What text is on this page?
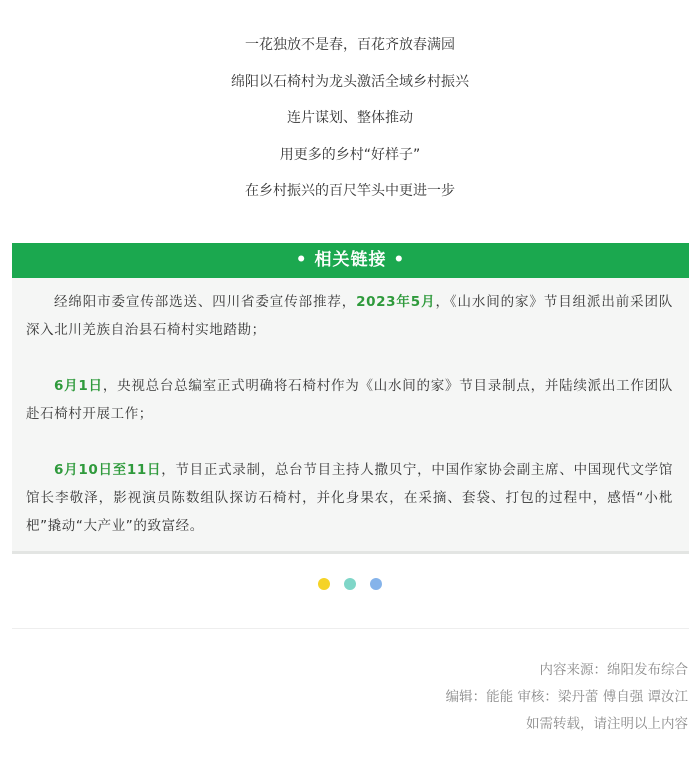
一花独放不是春，百花齐放春满园
绵阳以石椅村为龙头激活全域乡村振兴
连片谋划、整体推动
用更多的乡村“好样子”
在乡村振兴的百尺竿头中更进一步
• 相关链接 •

经绵阳市委宣传部选送、四川省委宣传部推荐，2023年5月，《山水间的家》节目组派出前采团队深入北川羌族自治县石椅村实地踏勘；

6月1日，央视总台总编室正式明确将石椅村作为《山水间的家》节目录制点，并陆续派出工作团队赴石椅村开展工作；

6月10日至11日，节目正式录制，总台节目主持人撒贝宁，中国作家协会副主席、中国现代文学馆馆长李敬泽，影视演员陈数组队探访石椅村，并化身果农，在采摘、套袋、打包的过程中，感悟“小枇杷”撬动“大产业”的致富经。

内容来源：绵阳发布综合
编辑：能能 审核：梁丹蕾 傅自强 谭汝江
如需转载，请注明以上内容
